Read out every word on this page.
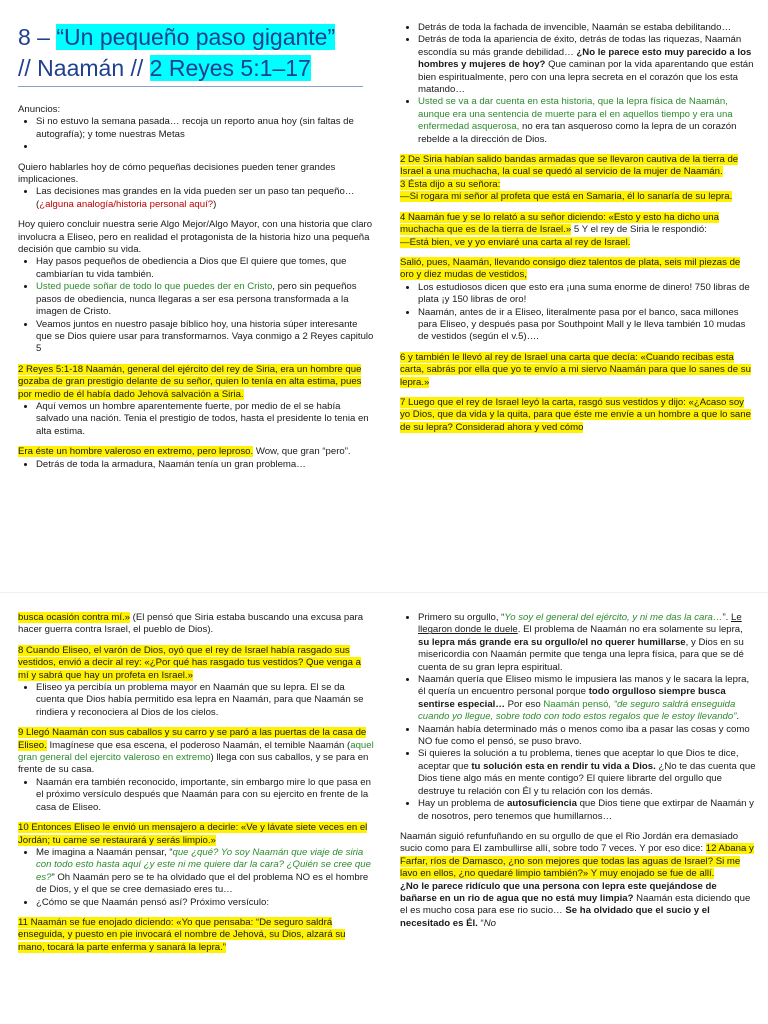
8 – “Un pequeño paso gigante”
// Naamán // 2 Reyes 5:1–17

Anuncios:

• Si no estuvo la semana pasada… recoja un reporto anua hoy (sin faltas de autografía); y tome nuestras Metas
•

Quiero hablarles hoy de cómo pequeñas decisiones pueden tener grandes implicaciones.

• Las decisiones mas grandes en la vida pueden ser un paso tan pequeño… (¿alguna analogía/historia personal aquí?)

Hoy quiero concluir nuestra serie Algo Mejor/Algo Mayor, con una historia que claro involucra a Eliseo, pero en realidad el protagonista de la historia hizo una pequeña decisión que cambio su vida.

• Hay pasos pequeños de obediencia a Dios que El quiere que tomes, que cambiarían tu vida también.
• Usted puede soñar de todo lo que puedes der en Cristo, pero sin pequeños pasos de obediencia, nunca llegaras a ser esa persona transformada a la imagen de Cristo.
• Veamos juntos en nuestro pasaje bíblico hoy, una historia súper interesante que se Dios quiere usar para transformarnos. Vaya conmigo a 2 Reyes capitulo 5

2 Reyes 5:1-18 Naamán, general del ejército del rey de Siria, era un hombre que gozaba de gran prestigio delante de su señor, quien lo tenía en alta estima, pues por medio de él había dado Jehová salvación a Siria.

• Aquí vemos un hombre aparentemente fuerte, por medio de el se había salvado una nación. Tenia el prestigio de todos, hasta el presidente lo tenia en alta estima.

Era éste un hombre valeroso en extremo, pero leproso. Wow, que gran “pero”.

• Detrás de toda la armadura, Naamán tenía un gran problema…
• Detrás de toda la fachada de invencible, Naamán se estaba debilitando…
• Detrás de toda la apariencia de éxito, detrás de todas las riquezas, Naamán escondía su más grande debilidad… ¿No le parece esto muy parecido a los hombres y mujeres de hoy? Que caminan por la vida aparentando que están bien espiritualmente, pero con una lepra secreta en el corazón que los esta matando…
• Usted se va a dar cuenta en esta historia, que la lepra física de Naamán, aunque era una sentencia de muerte para el en aquellos tiempo y era una enfermedad asquerosa, no era tan asqueroso como la lepra de un corazón rebelde a la dirección de Dios.

2 De Siria habían salido bandas armadas que se llevaron cautiva de la tierra de Israel a una muchacha, la cual se quedó al servicio de la mujer de Naamán.

3 Ésta dijo a su señora:

—Si rogara mi señor al profeta que está en Samaria, él lo sanaría de su lepra.

4 Naamán fue y se lo relató a su señor diciendo: «Esto y esto ha dicho una muchacha que es de la tierra de Israel.» 5 Y el rey de Siria le respondió:

—Está bien, ve y yo enviaré una carta al rey de Israel.

Salió, pues, Naamán, llevando consigo diez talentos de plata, seis mil piezas de oro y diez mudas de vestidos,

• Los estudiosos dicen que esto era ¡una suma enorme de dinero! 750 libras de plata ¡y 150 libras de oro!
• Naamán, antes de ir a Eliseo, literalmente pasa por el banco, saca millones para Eliseo, y después pasa por Southpoint Mall y le lleva también 10 mudas de vestidos (según el v.5)….

6 y también le llevó al rey de Israel una carta que decía: «Cuando recibas esta carta, sabrás por ella que yo te envío a mi siervo Naamán para que lo sanes de su lepra.»

7 Luego que el rey de Israel leyó la carta, rasgó sus vestidos y dijo: «¿Acaso soy yo Dios, que da vida y la quita, para que éste me envíe a un hombre a que lo sane de su lepra? Considerad ahora y ved cómo

busca ocasión contra mí.» (El pensó que Siria estaba buscando una excusa para hacer guerra contra Israel, el pueblo de Dios).

8 Cuando Eliseo, el varón de Dios, oyó que el rey de Israel había rasgado sus vestidos, envió a decir al rey: «¿Por qué has rasgado tus vestidos? Que venga a mí y sabrá que hay un profeta en Israel.»

• Eliseo ya percibía un problema mayor en Naamán que su lepra. El se da cuenta que Dios había permitido esa lepra en Naamán, para que Naamán se rindiera y reconociera al Dios de los cielos.

9 Llegó Naamán con sus caballos y su carro y se paró a las puertas de la casa de Eliseo. Imagínese que esa escena, el poderoso Naamán, el temible Naamán (aquel gran general del ejercito valeroso en extremo) llega con sus caballos, y se para en frente de su casa.

• Naamán era también reconocido, importante, sin embargo mire lo que pasa en el próximo versículo después que Naamán para con su ejercito en frente de la casa de Eliseo.

10 Entonces Eliseo le envió un mensajero a decirle: «Ve y lávate siete veces en el Jordán; tu carne se restaurará y serás limpio.»

• Me imagina a Naamán pensar, “que ¿qué? Yo soy Naamán que viaje de siria con todo esto hasta aquí ¿y este ni me quiere dar la cara? ¿Quién se cree que es?” Oh Naamán pero se te ha olvidado que el del problema NO es el hombre de Dios, y el que se cree demasiado eres tu…
• ¿Cómo se que Naamán pensó así? Próximo versículo:

11 Naamán se fue enojado diciendo: «Yo que pensaba: “De seguro saldrá enseguida, y puesto en pie invocará el nombre de Jehová, su Dios, alzará su mano, tocará la parte enferma y sanará la lepra.”

• Primero su orgullo, “Yo soy el general del ejército, y ni me das la cara…”. Le llegaron donde le duele. El problema de Naamán no era solamente su lepra, su lepra más grande era su orgullo/el no querer humillarse, y Dios en su misericordia con Naamán permite que tenga una lepra física, para que se dé cuenta de su gran lepra espiritual.
• Naamán quería que Eliseo mismo le impusiera las manos y le sacara la lepra, él quería un encuentro personal porque todo orgulloso siempre busca sentirse especial… Por eso Naamán pensó, “de seguro saldrá enseguida cuando yo llegue, sobre todo con todo estos regalos que le estoy llevando”.
• Naamán había determinado más o menos como iba a pasar las cosas y como NO fue como el pensó, se puso bravo.
• Si quieres la solución a tu problema, tienes que aceptar lo que Dios te dice, aceptar que tu solución esta en rendir tu vida a Dios. ¿No te das cuenta que Dios tiene algo más en mente contigo? El quiere librarte del orgullo que destruye tu relación con Él y tu relación con los demás.
• Hay un problema de autosuficiencia que Dios tiene que extirpar de Naamán y de nosotros, pero tenemos que humillarnos…

Naamán siguió refunfuñando en su orgullo de que el Rio Jordán era demasiado sucio como para El zambullirse allí, sobre todo 7 veces. Y por eso dice: 12 Abana y Farfar, ríos de Damasco, ¿no son mejores que todas las aguas de Israel? Si me lavo en ellos, ¿no quedaré limpio también?» Y muy enojado se fue de allí.

¿No le parece ridículo que una persona con lepra este quejándose de bañarse en un rio de agua que no está muy limpia? Naamán esta diciendo que el es mucho cosa para ese rio sucio… Se ha olvidado que el sucio y el necesitado es Él. “No
